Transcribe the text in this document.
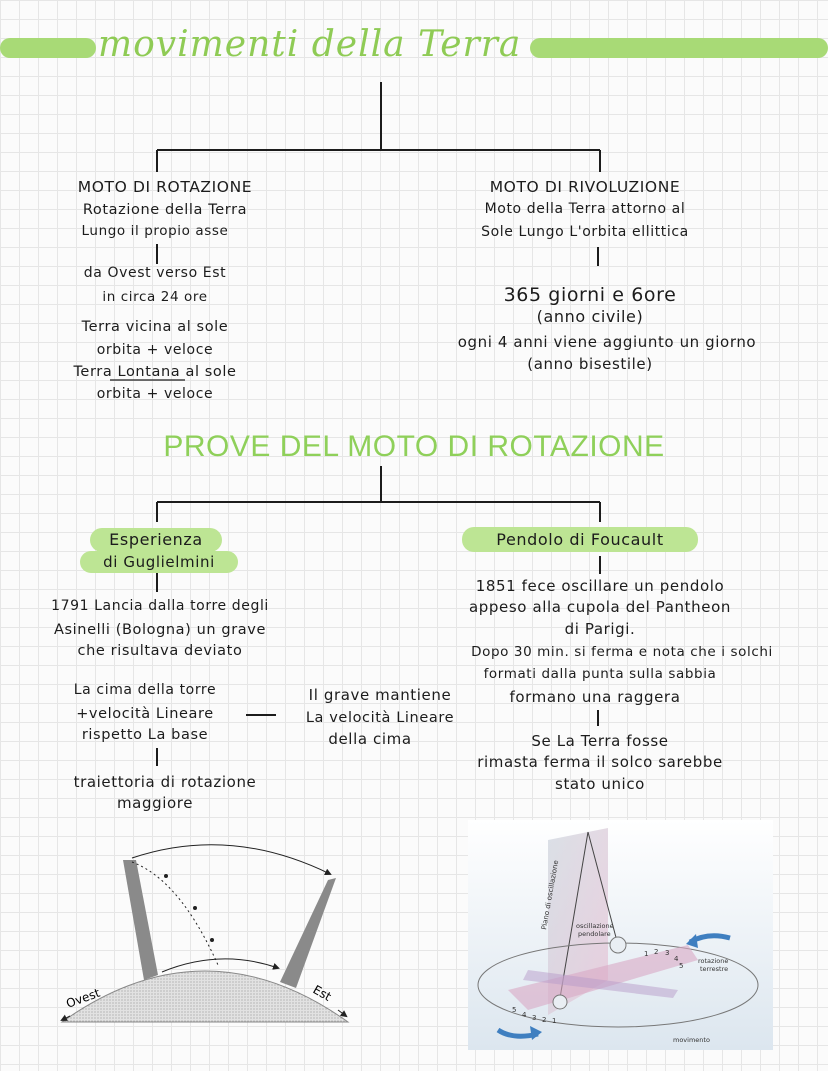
movimenti della Terra
MOTO DI ROTAZIONE
Rotazione della Terra
Lungo il propio asse
da Ovest verso Est
in circa 24 ore
Terra vicina al sole
orbita + veloce
Terra Lontana al sole
orbita + veloce
MOTO DI RIVOLUZIONE
Moto della Terra attorno al
Sole Lungo L'orbita ellittica
365 giorni e 6ore
(anno civile)
ogni 4 anni viene aggiunto un giorno
(anno bisestile)
PROVE DEL MOTO DI ROTAZIONE
Esperienza
di Guglielmini
1791 Lancia dalla torre degli
Asinelli (Bologna) un grave
che risultava deviato
La cima della torre
+velocità Lineare
rispetto La base
traiettoria di rotazione
maggiore
Il grave mantiene
La velocità Lineare
della cima
Pendolo di Foucault
1851 fece oscillare un pendolo
appeso alla cupola del Pantheon
di Parigi.
Dopo 30 min. si ferma e nota che i solchi
formati dalla punta sulla sabbia
formano una raggera
Se La Terra fosse
rimasta ferma il solco sarebbe
stato unico
Ovest	Est
Piano di oscillazione oscillazione
pendolare
rotazione
terrestre
movimento
1 2 3
4
5
5
4 3 2 1
